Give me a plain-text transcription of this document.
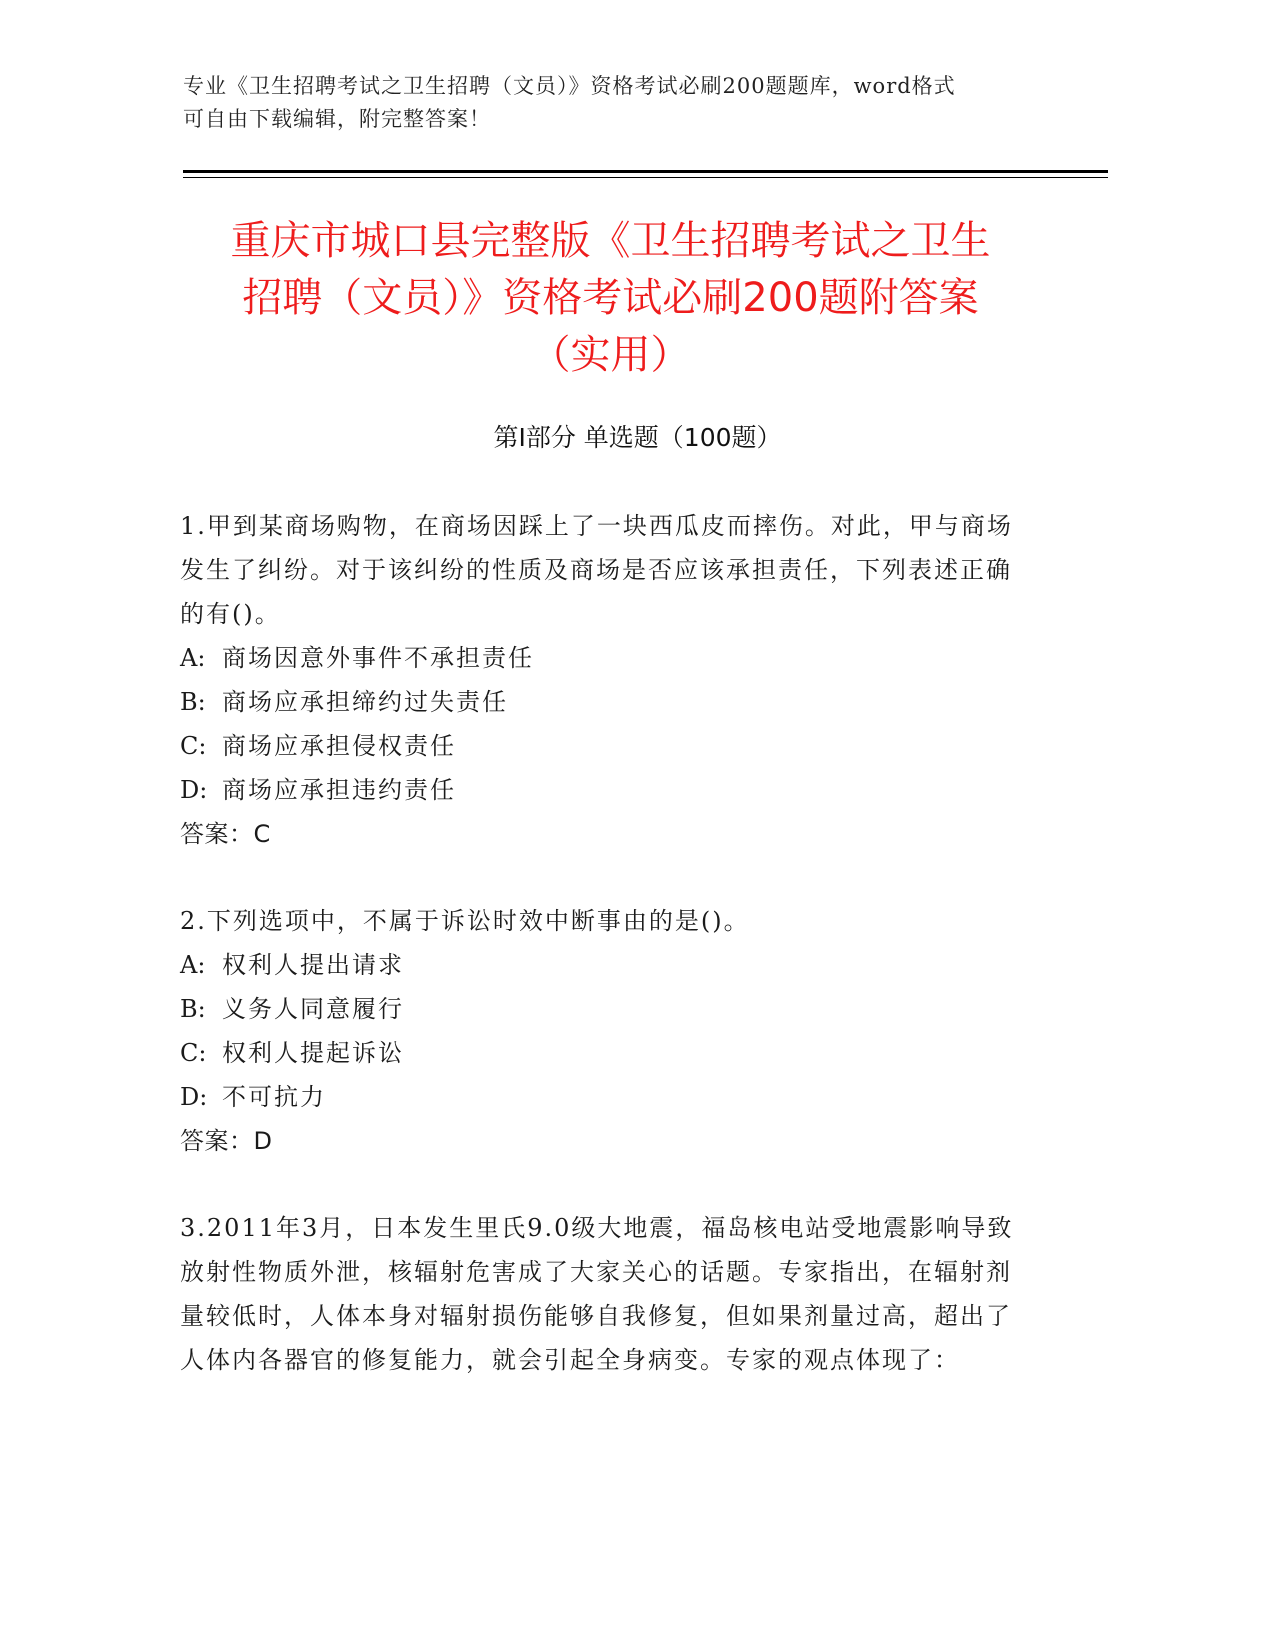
专业《卫生招聘考试之卫生招聘（文员）》资格考试必刷200题题库，word格式
可自由下载编辑，附完整答案！
重庆市城口县完整版《卫生招聘考试之卫生
招聘（文员）》资格考试必刷200题附答案
（实用）
第Ⅰ部分 单选题（100题）

1.甲到某商场购物，在商场因踩上了一块西瓜皮而摔伤。对此，甲与商场发生了纠纷。对于该纠纷的性质及商场是否应该承担责任，下列表述正确的有()。

A: 商场因意外事件不承担责任

B: 商场应承担缔约过失责任

C: 商场应承担侵权责任

D: 商场应承担违约责任

答案：C

2.下列选项中，不属于诉讼时效中断事由的是()。

A: 权利人提出请求

B: 义务人同意履行

C: 权利人提起诉讼

D: 不可抗力

答案：D

3.2011年3月，日本发生里氏9.0级大地震，福岛核电站受地震影响导致放射性物质外泄，核辐射危害成了大家关心的话题。专家指出，在辐射剂量较低时，人体本身对辐射损伤能够自我修复，但如果剂量过高，超出了人体内各器官的修复能力，就会引起全身病变。专家的观点体现了：
